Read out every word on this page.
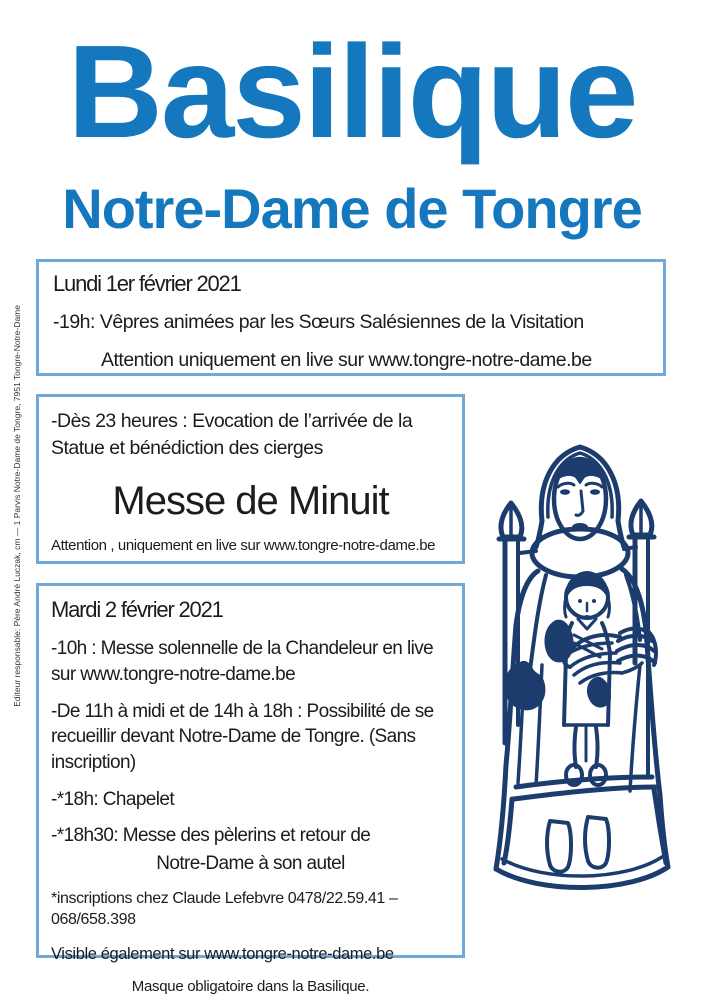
Basilique
Notre-Dame de Tongre
Lundi 1er février 2021

-19h: Vêpres animées par les Sœurs Salésiennes de la Visitation

Attention uniquement en live sur www.tongre-notre-dame.be

-Dès 23 heures : Evocation de l’arrivée de la Statue et bénédiction des cierges

Messe de Minuit

Attention , uniquement en live sur www.tongre-notre-dame.be

Mardi 2 février 2021

-10h : Messe solennelle de la Chandeleur en live sur www.tongre-notre-dame.be

-De 11h à midi et de 14h à 18h : Possibilité de se recueillir devant Notre-Dame de Tongre. (Sans inscription)

-*18h: Chapelet

-*18h30: Messe des pèlerins et retour de

Notre-Dame à son autel

*inscriptions chez Claude Lefebvre 0478/22.59.41 – 068/658.398

Visible également sur www.tongre-notre-dame.be

Editeur responsable: Père André Luczak, cm — 1 Parvis Notre-Dame de Tongre, 7951 Tongre-Notre-Dame

Masque obligatoire dans la Basilique.
